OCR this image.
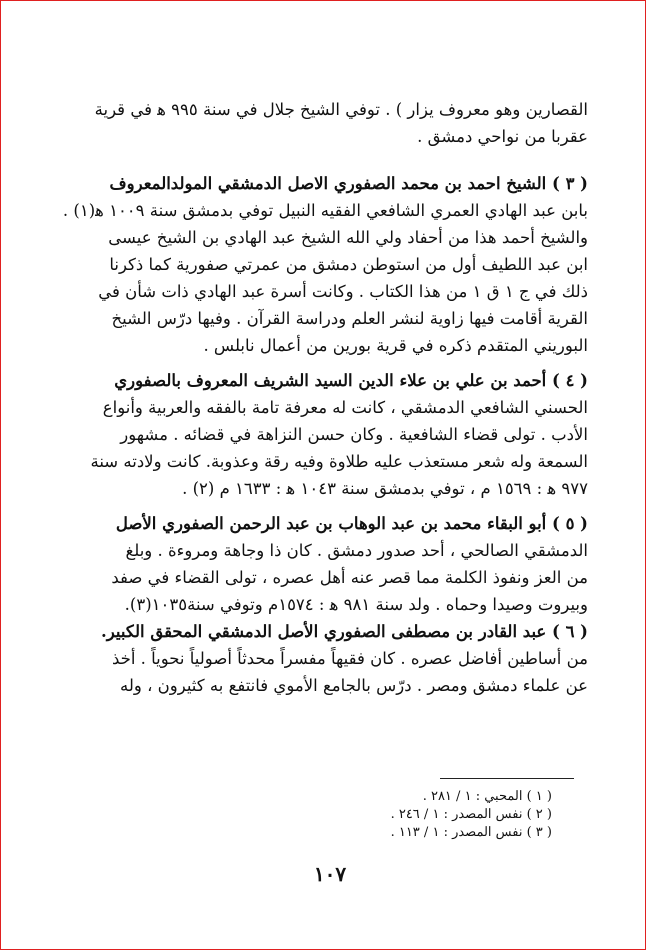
القصارين وهو معروف يزار ) . توفي الشيخ جلال في سنة ٩٩٥ ﻫ في قرية
عقربا من نواحي دمشق .
( ٣ ) الشيخ احمد بن محمد الصفوري الاصل الدمشقي المولدالمعروف
بابن عبد الهادي العمري الشافعي الفقيه النبيل توفي بدمشق سنة ١٠٠٩ ﻫ(١) .
والشيخ أحمد هذا من أحفاد ولي الله الشيخ عبد الهادي بن الشيخ عيسى
ابن عبد اللطيف أول من استوطن دمشق من عمرتي صفورية كما ذكرنا
ذلك في ج ١ ق ١ من هذا الكتاب . وكانت أسرة عبد الهادي ذات شأن في
القرية أقامت فيها زاوية لنشر العلم ودراسة القرآن . وفيها درّس الشيخ
البوريني المتقدم ذكره في قرية بورين من أعمال نابلس .
( ٤ ) أحمد بن علي بن علاء الدين السيد الشريف المعروف بالصفوري
الحسني الشافعي الدمشقي ، كانت له معرفة تامة بالفقه والعربية وأنواع
الأدب . تولى قضاء الشافعية . وكان حسن النزاهة في قضائه . مشهور
السمعة وله شعر مستعذب عليه طلاوة وفيه رقة وعذوبة. كانت ولادته سنة
٩٧٧ ﻫ : ١٥٦٩ م ، توفي بدمشق سنة ١٠٤٣ ﻫ : ١٦٣٣ م (٢) .
( ٥ ) أبو البقاء محمد بن عبد الوهاب بن عبد الرحمن الصفوري الأصل
الدمشقي الصالحي ، أحد صدور دمشق . كان ذا وجاهة ومروءة . وبلغ
من العز ونفوذ الكلمة مما قصر عنه أهل عصره ، تولى القضاء في صفد
وبيروت وصيدا وحماه . ولد سنة ٩٨١ ﻫ : ١٥٧٤م وتوفي سنة١٠٣٥(٣).
( ٦ ) عبد القادر بن مصطفى الصفوري الأصل الدمشقي المحقق الكبير.
من أساطين أفاضل عصره . كان فقيهاً مفسراً محدثاً أصولياً نحوياً . أخذ
عن علماء دمشق ومصر . درّس بالجامع الأموي فانتفع به كثيرون ، وله
( ١ ) المحبي : ١ / ٢٨١ .
( ٢ ) نفس المصدر : ١ / ٢٤٦ .
( ٣ ) نفس المصدر : ١ / ١١٣ .
١٠٧
